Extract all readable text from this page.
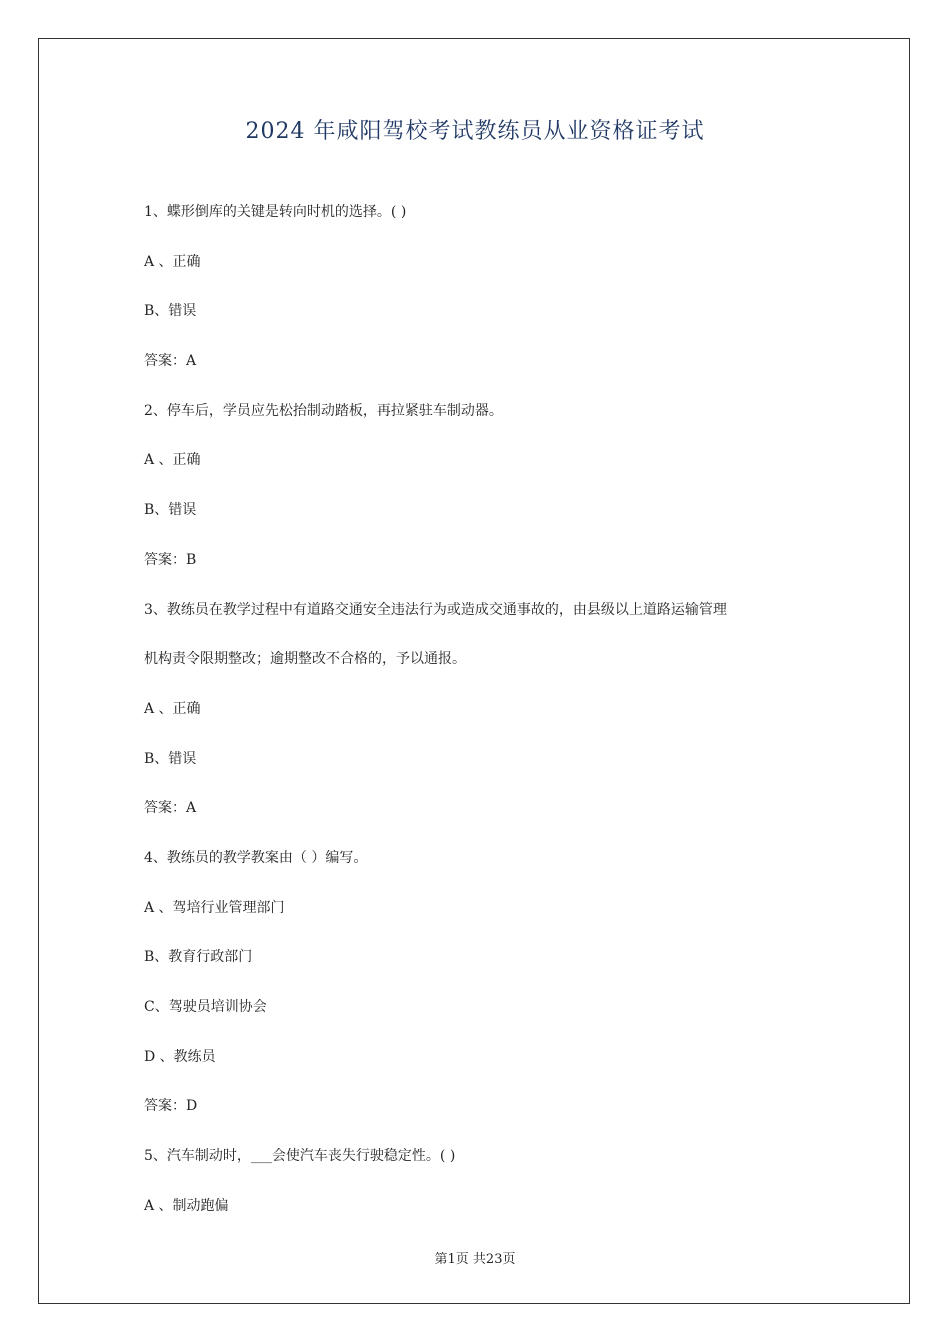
2024 年咸阳驾校考试教练员从业资格证考试
1、蝶形倒库的关键是转向时机的选择。( )
A 、正确
B、错误
答案：A
2、停车后，学员应先松抬制动踏板，再拉紧驻车制动器。
A 、正确
B、错误
答案：B
3、教练员在教学过程中有道路交通安全违法行为或造成交通事故的，由县级以上道路运输管理
机构责令限期整改；逾期整改不合格的，予以通报。
A 、正确
B、错误
答案：A
4、教练员的教学教案由（ ）编写。
A 、驾培行业管理部门
B、教育行政部门
C、驾驶员培训协会
D 、教练员
答案：D
5、汽车制动时，___会使汽车丧失行驶稳定性。( )
A 、制动跑偏
第1页 共23页
